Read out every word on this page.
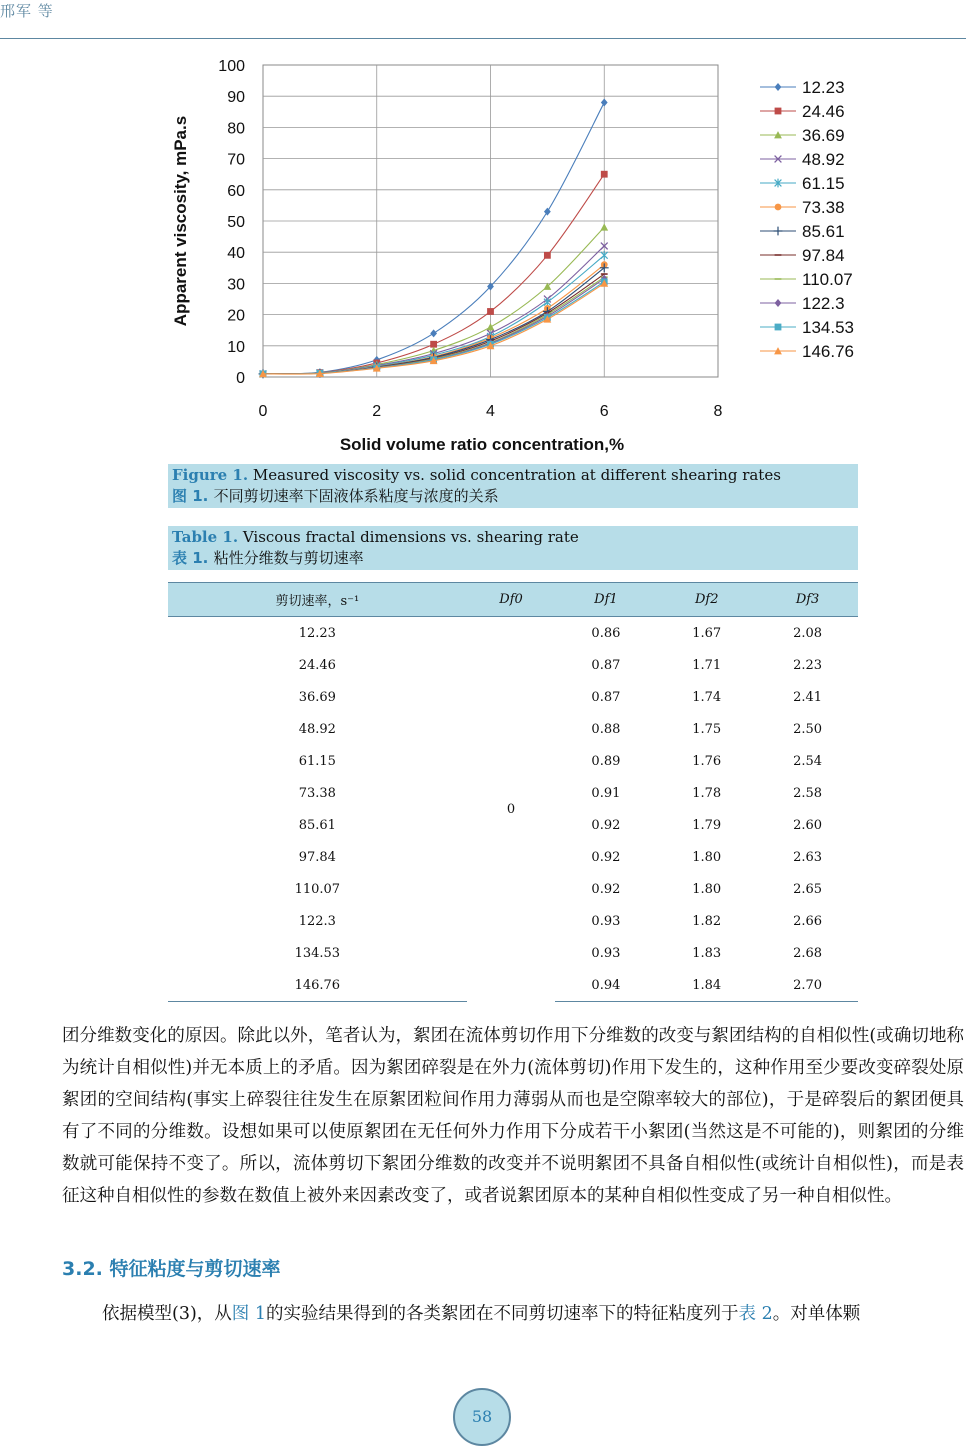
邢军 等
0
10
20
30
40
50
60
70
80
90
100
0	2	4	6	8
Solid volume ratio concentration,%
Apparent viscosity, mPa.s
12.23
24.46
36.69
48.92
61.15
73.38
85.61
97.84
110.07
122.3
134.53
146.76
Figure 1. Measured viscosity vs. solid concentration at different shearing rates
图 1. 不同剪切速率下固液体系粘度与浓度的关系
Table 1. Viscous fractal dimensions vs. shearing rate
表 1. 粘性分维数与剪切速率
剪切速率，s⁻¹	Df0	Df1	Df2	Df3
12.23	0	0.86	1.67	2.08
24.46		0.87	1.71	2.23
36.69		0.87	1.74	2.41
48.92		0.88	1.75	2.50
61.15		0.89	1.76	2.54
73.38		0.91	1.78	2.58
85.61		0.92	1.79	2.60
97.84		0.92	1.80	2.63
110.07		0.92	1.80	2.65
122.3		0.93	1.82	2.66
134.53		0.93	1.83	2.68
146.76		0.94	1.84	2.70
团分维数变化的原因。除此以外，笔者认为，絮团在流体剪切作用下分维数的改变与絮团结构的自相似性(或确切地称为统计自相似性)并无本质上的矛盾。因为絮团碎裂是在外力(流体剪切)作用下发生的，这种作用至少要改变碎裂处原絮团的空间结构(事实上碎裂往往发生在原絮团粒间作用力薄弱从而也是空隙率较大的部位)，于是碎裂后的絮团便具有了不同的分维数。设想如果可以使原絮团在无任何外力作用下分成若干小絮团(当然这是不可能的)，则絮团的分维数就可能保持不变了。所以，流体剪切下絮团分维数的改变并不说明絮团不具备自相似性(或统计自相似性)，而是表征这种自相似性的参数在数值上被外来因素改变了，或者说絮团原本的某种自相似性变成了另一种自相似性。
3.2. 特征粘度与剪切速率
依据模型(3)，从图 1的实验结果得到的各类絮团在不同剪切速率下的特征粘度列于表 2。对单体颗
58
